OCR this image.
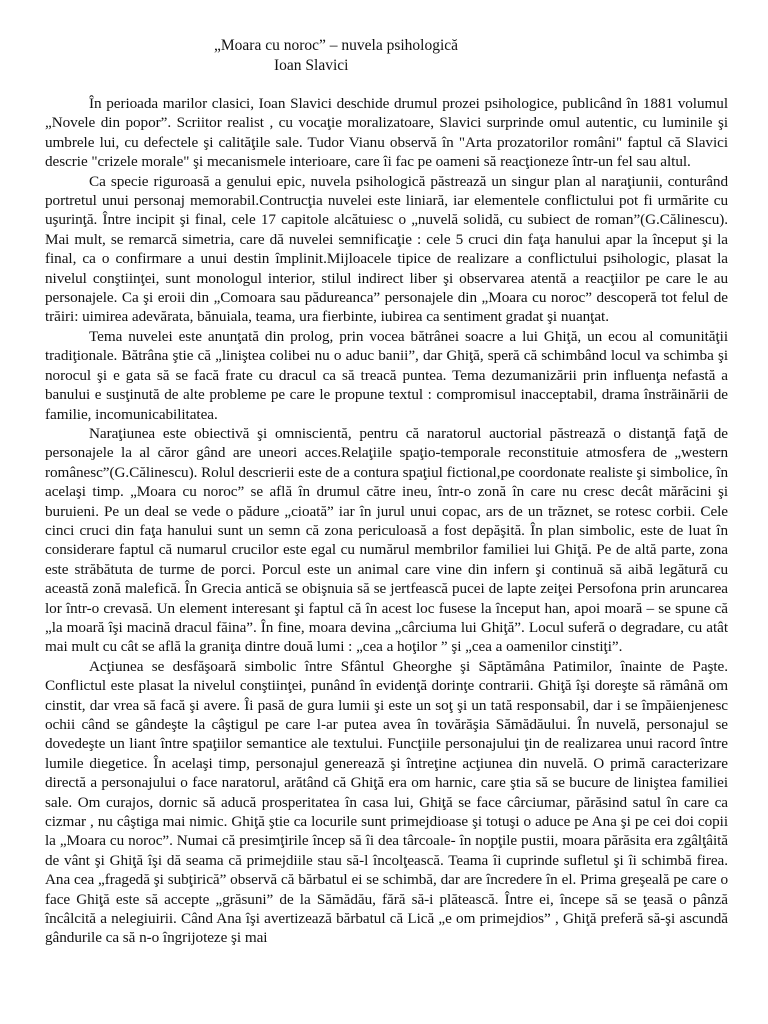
„Moara cu noroc” – nuvela psihologică
Ioan Slavici

În perioada marilor clasici, Ioan Slavici deschide drumul prozei psihologice, publicând în 1881 volumul „Novele din popor”. Scriitor realist , cu vocaţie moralizatoare, Slavici surprinde omul autentic, cu luminile şi umbrele lui, cu defectele şi calităţile sale. Tudor Vianu observă în "Arta prozatorilor români" faptul că Slavici descrie "crizele morale" şi mecanismele interioare, care îi fac pe oameni să reacţioneze într-un fel sau altul.

Ca specie riguroasă a genului epic, nuvela psihologică păstrează un singur plan al naraţiunii, conturând portretul unui personaj memorabil.Contrucţia nuvelei este liniară, iar elementele conflictului pot fi urmărite cu uşurinţă. Între incipit şi final, cele 17 capitole alcătuiesc o „nuvelă solidă, cu subiect de roman”(G.Călinescu). Mai mult, se remarcă simetria, care dă nuvelei semnificaţie : cele 5 cruci din faţa hanului apar la început şi la final, ca o confirmare a unui destin împlinit.Mijloacele tipice de realizare a conflictului psihologic, plasat la nivelul conştiinţei, sunt monologul interior, stilul indirect liber şi observarea atentă a reacţiilor pe care le au personajele. Ca şi eroii din „Comoara sau pădureanca” personajele din „Moara cu noroc” descoperă tot felul de trăiri: uimirea adevărata, bănuiala, teama, ura fierbinte, iubirea ca sentiment gradat şi nuanţat.

Tema nuvelei este anunţată din prolog, prin vocea bătrânei soacre a lui Ghiţă, un ecou al comunităţii tradiţionale. Bătrâna ştie că „liniştea colibei nu o aduc banii”, dar Ghiţă, speră că schimbând locul va schimba şi norocul şi e gata să se facă frate cu dracul ca să treacă puntea. Tema dezumanizării prin influenţa nefastă a banului e susţinută de alte probleme pe care le propune textul : compromisul inacceptabil, drama înstrăinării de familie, incomunicabilitatea.

Naraţiunea este obiectivă şi omniscientă, pentru că naratorul auctorial păstrează o distanţă faţă de personajele la al căror gând are uneori acces.Relaţiile spaţio-temporale reconstituie atmosfera de „western românesc”(G.Călinescu). Rolul descrierii este de a contura spaţiul fictional,pe coordonate realiste şi simbolice, în acelaşi timp. „Moara cu noroc” se află în drumul către ineu, într-o zonă în care nu cresc decât mărăcini şi buruieni. Pe un deal se vede o pădure „cioată” iar în jurul unui copac, ars de un trăznet, se rotesc corbii. Cele cinci cruci din faţa hanului sunt un semn că zona periculoasă a fost depăşită. În plan simbolic, este de luat în considerare faptul că numarul crucilor este egal cu numărul membrilor familiei lui Ghiţă. Pe de altă parte, zona este străbătuta de turme de porci. Porcul este un animal care vine din infern şi continuă să aibă legătură cu această zonă malefică. În Grecia antică se obişnuia să se jertfească pucei de lapte zeiţei Persofona prin aruncarea lor într-o crevasă. Un element interesant şi faptul că în acest loc fusese la început han, apoi moară – se spune că „la moară îşi macină dracul făina”. În fine, moara devina „cârciuma lui Ghiţă”. Locul suferă o degradare, cu atât mai mult cu cât se află la graniţa dintre două lumi : „cea a hoţilor ” şi „cea a oamenilor cinstiţi”.

Acţiunea se desfăşoară simbolic între Sfântul Gheorghe şi Săptămâna Patimilor, înainte de Paşte. Conflictul este plasat la nivelul conştiinţei, punând în evidenţă dorinţe contrarii. Ghiţă îşi doreşte să rămână om cinstit, dar vrea să facă şi avere. Îi pasă de gura lumii şi este un soţ şi un tată responsabil, dar i se împăienjenesc ochii când se gândeşte la câştigul pe care l-ar putea avea în tovărăşia Sămădăului. În nuvelă, personajul se dovedeşte un liant între spaţiilor semantice ale textului. Funcţiile personajului ţin de realizarea unui racord între lumile diegetice. În acelaşi timp, personajul generează şi întreţine acţiunea din nuvelă. O primă caracterizare directă a personajului o face naratorul, arătând că Ghiţă era om harnic, care ştia să se bucure de liniştea familiei sale. Om curajos, dornic să aducă prosperitatea în casa lui, Ghiţă se face cârciumar, părăsind satul în care ca cizmar , nu câştiga mai nimic. Ghiţă ştie ca locurile sunt primejdioase şi totuşi o aduce pe Ana şi pe cei doi copii la „Moara cu noroc”. Numai că presimţirile încep să îi dea târcoale- în nopţile pustii, moara părăsita era zgâlţâită de vânt şi Ghiţă îşi dă seama că primejdiile stau să-l încolţească. Teama îi cuprinde sufletul şi îi schimbă firea. Ana cea „fragedă şi subţirică” observă că bărbatul ei se schimbă, dar are încredere în el. Prima greşeală pe care o face Ghiţă este să accepte „grăsuni” de la Sămădău, fără să-i plătească. Între ei, începe să se ţeasă o pânză încâlcită a nelegiuirii. Când Ana îşi avertizează bărbatul că Lică „e om primejdios” , Ghiţă preferă să-şi ascundă gândurile ca să n-o îngrijoteze şi mai
